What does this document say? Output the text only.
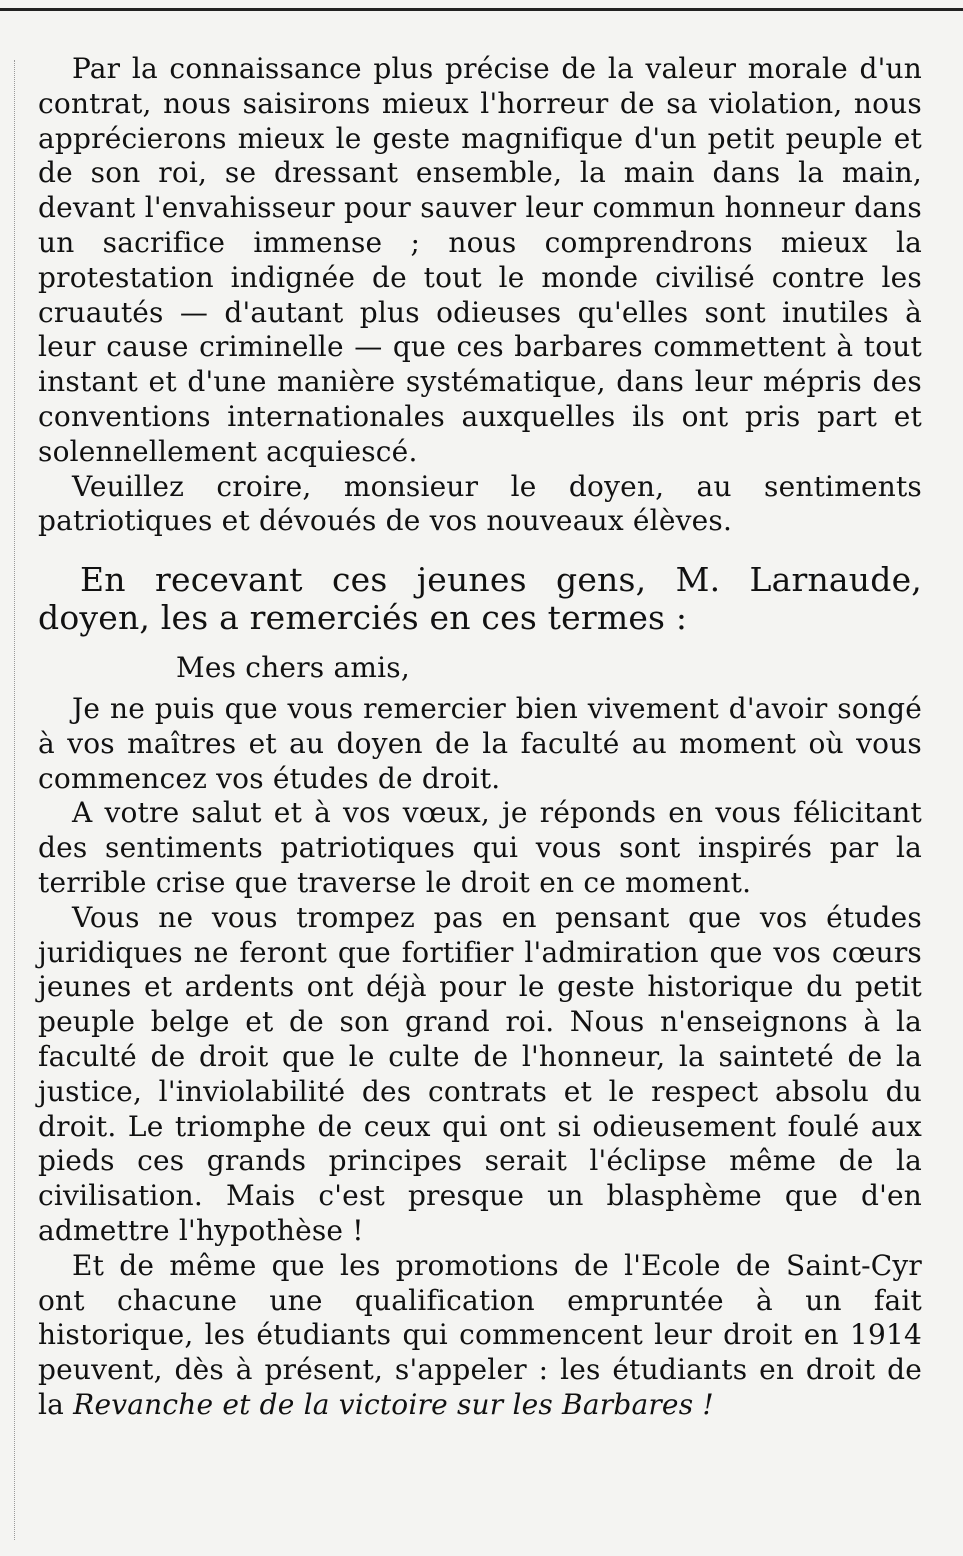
Par la connaissance plus précise de la valeur morale d'un contrat, nous saisirons mieux l'horreur de sa violation, nous apprécierons mieux le geste magnifique d'un petit peuple et de son roi, se dressant ensemble, la main dans la main, devant l'envahisseur pour sauver leur commun honneur dans un sacrifice immense ; nous comprendrons mieux la protestation indignée de tout le monde civilisé contre les cruautés — d'autant plus odieuses qu'elles sont inutiles à leur cause criminelle — que ces barbares commettent à tout instant et d'une manière systématique, dans leur mépris des conventions internationales auxquelles ils ont pris part et solennellement acquiescé.

Veuillez croire, monsieur le doyen, au sentiments patriotiques et dévoués de vos nouveaux élèves.

En recevant ces jeunes gens, M. Larnaude, doyen, les a remerciés en ces termes :

Mes chers amis,

Je ne puis que vous remercier bien vivement d'avoir songé à vos maîtres et au doyen de la faculté au moment où vous commencez vos études de droit.

A votre salut et à vos vœux, je réponds en vous félicitant des sentiments patriotiques qui vous sont inspirés par la terrible crise que traverse le droit en ce moment.

Vous ne vous trompez pas en pensant que vos études juridiques ne feront que fortifier l'admiration que vos cœurs jeunes et ardents ont déjà pour le geste historique du petit peuple belge et de son grand roi. Nous n'enseignons à la faculté de droit que le culte de l'honneur, la sainteté de la justice, l'inviolabilité des contrats et le respect absolu du droit. Le triomphe de ceux qui ont si odieusement foulé aux pieds ces grands principes serait l'éclipse même de la civilisation. Mais c'est presque un blasphème que d'en admettre l'hypothèse !

Et de même que les promotions de l'Ecole de Saint-Cyr ont chacune une qualification empruntée à un fait historique, les étudiants qui commencent leur droit en 1914 peuvent, dès à présent, s'appeler : les étudiants en droit de la Revanche et de la victoire sur les Barbares !
